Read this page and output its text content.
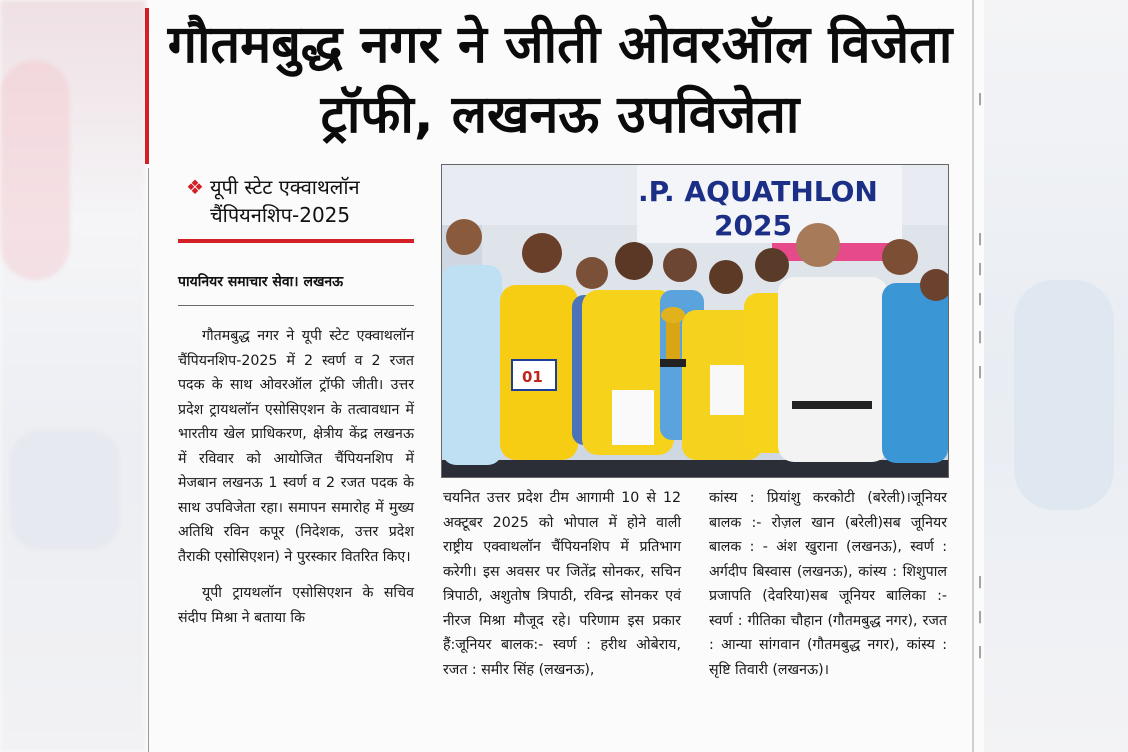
|
|
|
|
|
|
|
|
|
गौतमबुद्ध नगर ने जीती ओवरऑल विजेता ट्रॉफी, लखनऊ उपविजेता
❖ यूपी स्टेट एक्वाथलॉन चैंपियनशिप-2025
पायनियर समाचार सेवा। लखनऊ

गौतमबुद्ध नगर ने यूपी स्टेट एक्वाथलॉन चैंपियनशिप-2025 में 2 स्वर्ण व 2 रजत पदक के साथ ओवरऑल ट्रॉफी जीती। उत्तर प्रदेश ट्रायथलॉन एसोसिएशन के तत्वावधान में भारतीय खेल प्राधिकरण, क्षेत्रीय केंद्र लखनऊ में रविवार को आयोजित चैंपियनशिप में मेजबान लखनऊ 1 स्वर्ण व 2 रजत पदक के साथ उपविजेता रहा। समापन समारोह में मुख्य अतिथि रविन कपूर (निदेशक, उत्तर प्रदेश तैराकी एसोसिएशन) ने पुरस्कार वितरित किए।

यूपी ट्रायथलॉन एसोसिएशन के सचिव संदीप मिश्रा ने बताया कि

.P. AQUATHLON
2025
01

चयनित उत्तर प्रदेश टीम आगामी 10 से 12 अक्टूबर 2025 को भोपाल में होने वाली राष्ट्रीय एक्वाथलॉन चैंपियनशिप में प्रतिभाग करेगी। इस अवसर पर जितेंद्र सोनकर, सचिन त्रिपाठी, अशुतोष त्रिपाठी, रविन्द्र सोनकर एवं नीरज मिश्रा मौजूद रहे। परिणाम इस प्रकार हैं:जूनियर बालक:- स्वर्ण : हरीथ ओबेराय, रजत : समीर सिंह (लखनऊ),

कांस्य : प्रियांशु करकोटी (बरेली)।जूनियर बालक :- रोज़ल खान (बरेली)सब जूनियर बालक : - अंश खुराना (लखनऊ), स्वर्ण : अर्गदीप बिस्वास (लखनऊ), कांस्य : शिशुपाल प्रजापति (देवरिया)सब जूनियर बालिका :- स्वर्ण : गीतिका चौहान (गौतमबुद्ध नगर), रजत : आन्या सांगवान (गौतमबुद्ध नगर), कांस्य : सृष्टि तिवारी (लखनऊ)।
